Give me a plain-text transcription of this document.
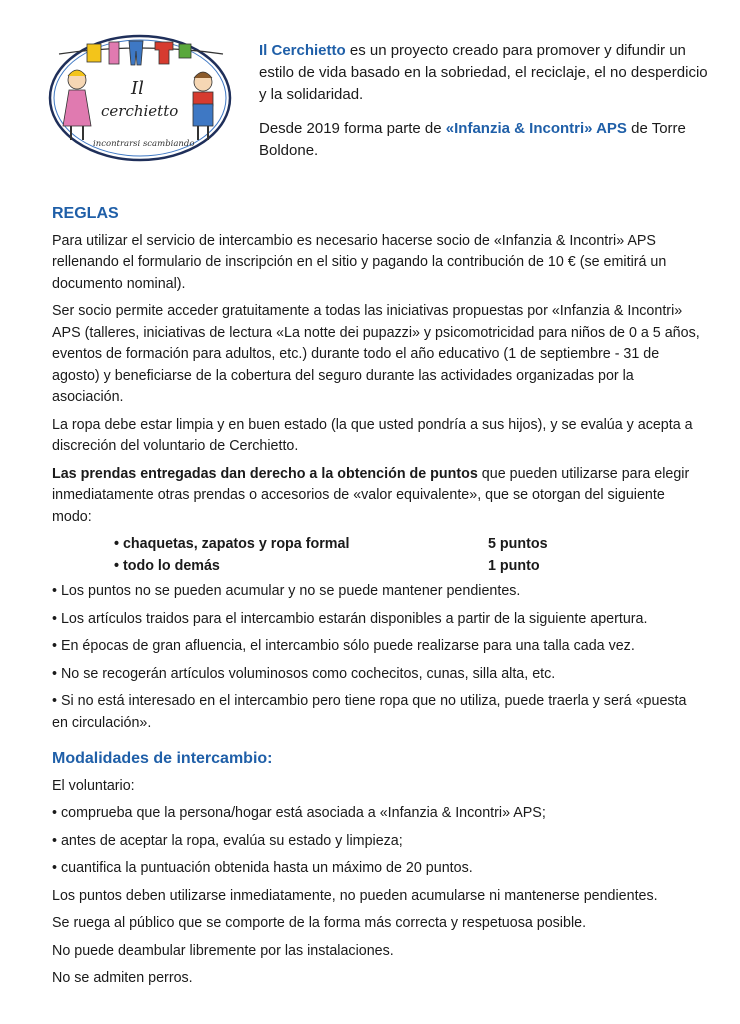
Il
cerchietto
incontrarsi scambiando

Il Cerchietto es un proyecto creado para promover y difundir un estilo de vida basado en la sobriedad, el reciclaje, el no desperdicio y la solidaridad.

Desde 2019 forma parte de «Infanzia & Incontri» APS de Torre Boldone.

REGLAS

Para utilizar el servicio de intercambio es necesario hacerse socio de «Infanzia & Incontri» APS rellenando el formulario de inscripción en el sitio y pagando la contribución de 10 € (se emitirá un documento nominal).

Ser socio permite acceder gratuitamente a todas las iniciativas propuestas por «Infanzia & Incontri» APS (talleres, iniciativas de lectura «La notte dei pupazzi» y psicomotricidad para niños de 0 a 5 años, eventos de formación para adultos, etc.) durante todo el año educativo (1 de septiembre - 31 de agosto) y beneficiarse de la cobertura del seguro durante las actividades organizadas por la asociación.

La ropa debe estar limpia y en buen estado (la que usted pondría a sus hijos), y se evalúa y acepta a discreción del voluntario de Cerchietto.

Las prendas entregadas dan derecho a la obtención de puntos que pueden utilizarse para elegir inmediatamente otras prendas o accesorios de «valor equivalente», que se otorgan del siguiente modo:

• chaquetas, zapatos y ropa formal	5 puntos
• todo lo demás	1 punto

• Los puntos no se pueden acumular y no se puede mantener pendientes.

• Los artículos traidos para el intercambio estarán disponibles a partir de la siguiente apertura.

• En épocas de gran afluencia, el intercambio sólo puede realizarse para una talla cada vez.

• No se recogerán artículos voluminosos como cochecitos, cunas, silla alta, etc.

• Si no está interesado en el intercambio pero tiene ropa que no utiliza, puede traerla y será «puesta en circulación».

Modalidades de intercambio:

El voluntario:

• comprueba que la persona/hogar está asociada a «Infanzia & Incontri» APS;

• antes de aceptar la ropa, evalúa su estado y limpieza;

• cuantifica la puntuación obtenida hasta un máximo de 20 puntos.

Los puntos deben utilizarse inmediatamente, no pueden acumularse ni mantenerse pendientes.

Se ruega al público que se comporte de la forma más correcta y respetuosa posible.

No puede deambular libremente por las instalaciones.

No se admiten perros.
